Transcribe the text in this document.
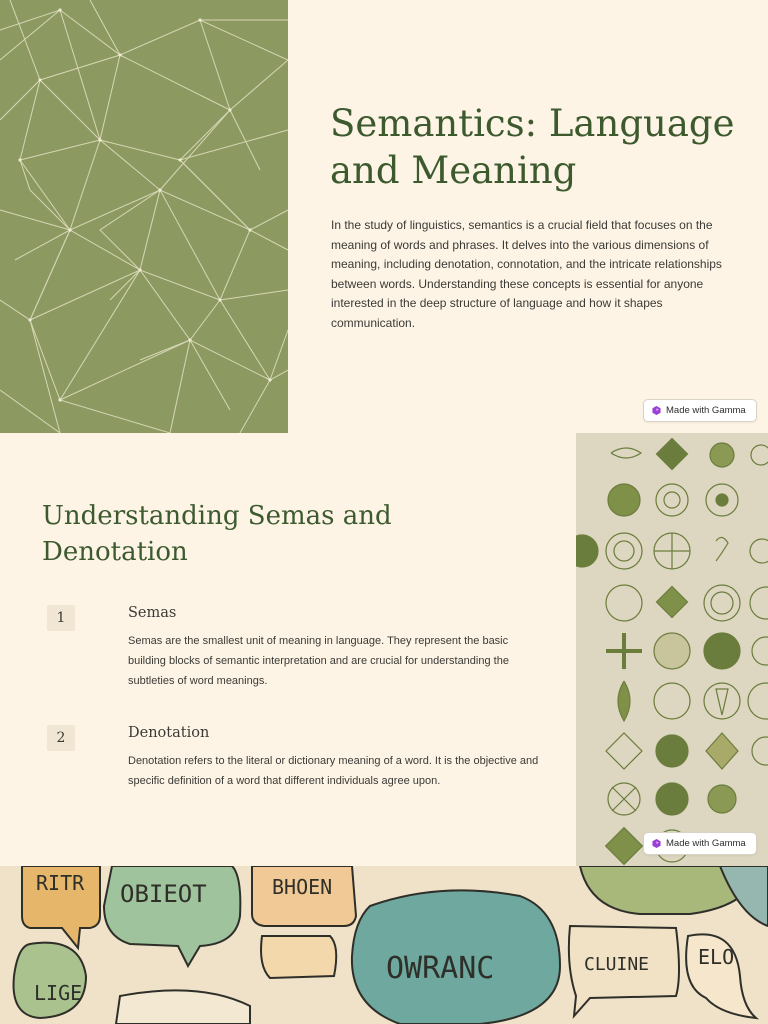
Semantics: Language and Meaning

In the study of linguistics, semantics is a crucial field that focuses on the meaning of words and phrases. It delves into the various dimensions of meaning, including denotation, connotation, and the intricate relationships between words. Understanding these concepts is essential for anyone interested in the deep structure of language and how it shapes communication.

Made with Gamma
Understanding Semas and Denotation
1	Semas
Semas are the smallest unit of meaning in language. They represent the basic building blocks of semantic interpretation and are crucial for understanding the subtleties of word meanings.
2	Denotation
Denotation refers to the literal or dictionary meaning of a word. It is the objective and specific definition of a word that different individuals agree upon.
Made with Gamma
RITR OBIEOT	BHOEN
OWRANC	CLUINE ELO
LIGE
